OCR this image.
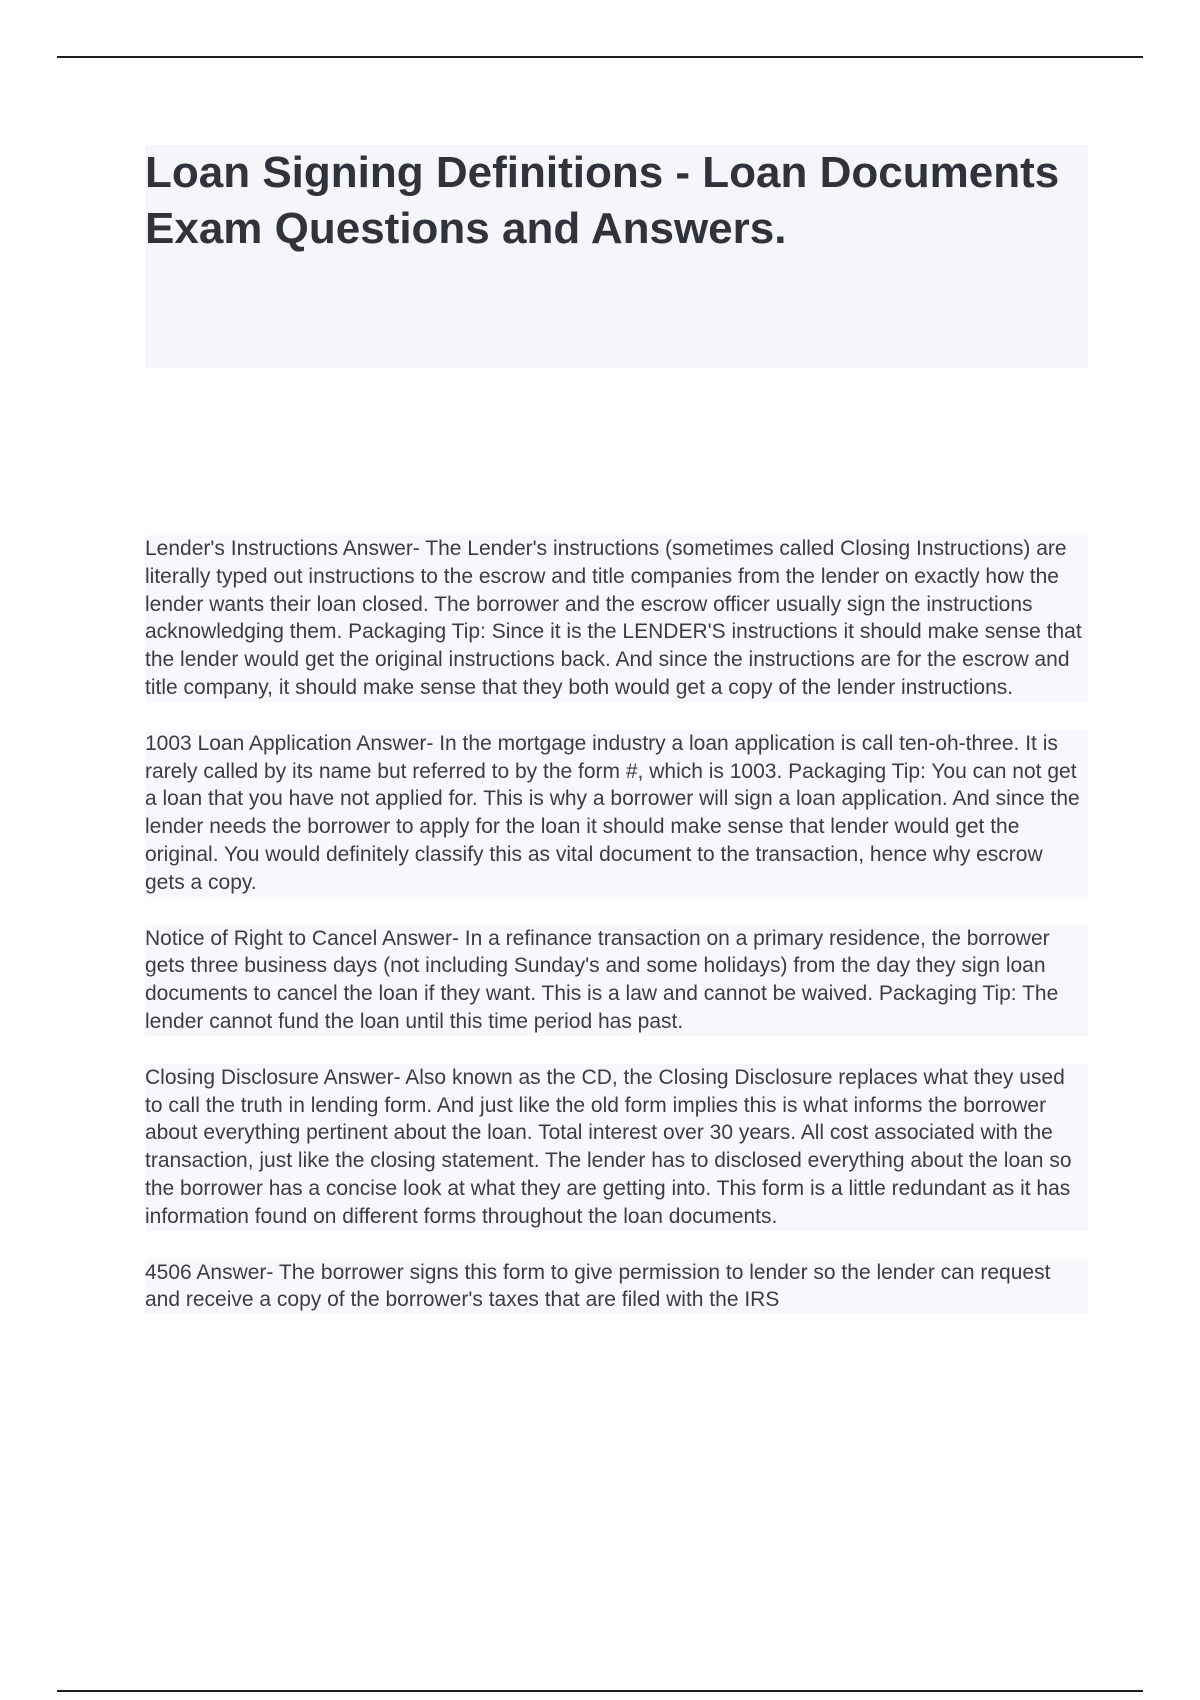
Loan Signing Definitions - Loan Documents Exam Questions and Answers.

Lender's Instructions Answer- The Lender's instructions (sometimes called Closing Instructions) are literally typed out instructions to the escrow and title companies from the lender on exactly how the lender wants their loan closed. The borrower and the escrow officer usually sign the instructions acknowledging them. Packaging Tip: Since it is the LENDER'S instructions it should make sense that the lender would get the original instructions back. And since the instructions are for the escrow and title company, it should make sense that they both would get a copy of the lender instructions.

1003 Loan Application Answer- In the mortgage industry a loan application is call ten-oh-three. It is rarely called by its name but referred to by the form #, which is 1003. Packaging Tip: You can not get a loan that you have not applied for. This is why a borrower will sign a loan application. And since the lender needs the borrower to apply for the loan it should make sense that lender would get the original. You would definitely classify this as vital document to the transaction, hence why escrow gets a copy.

Notice of Right to Cancel Answer- In a refinance transaction on a primary residence, the borrower gets three business days (not including Sunday's and some holidays) from the day they sign loan documents to cancel the loan if they want. This is a law and cannot be waived. Packaging Tip: The lender cannot fund the loan until this time period has past.

Closing Disclosure Answer- Also known as the CD, the Closing Disclosure replaces what they used to call the truth in lending form. And just like the old form implies this is what informs the borrower about everything pertinent about the loan. Total interest over 30 years. All cost associated with the transaction, just like the closing statement. The lender has to disclosed everything about the loan so the borrower has a concise look at what they are getting into. This form is a little redundant as it has information found on different forms throughout the loan documents.

4506 Answer- The borrower signs this form to give permission to lender so the lender can request and receive a copy of the borrower's taxes that are filed with the IRS
